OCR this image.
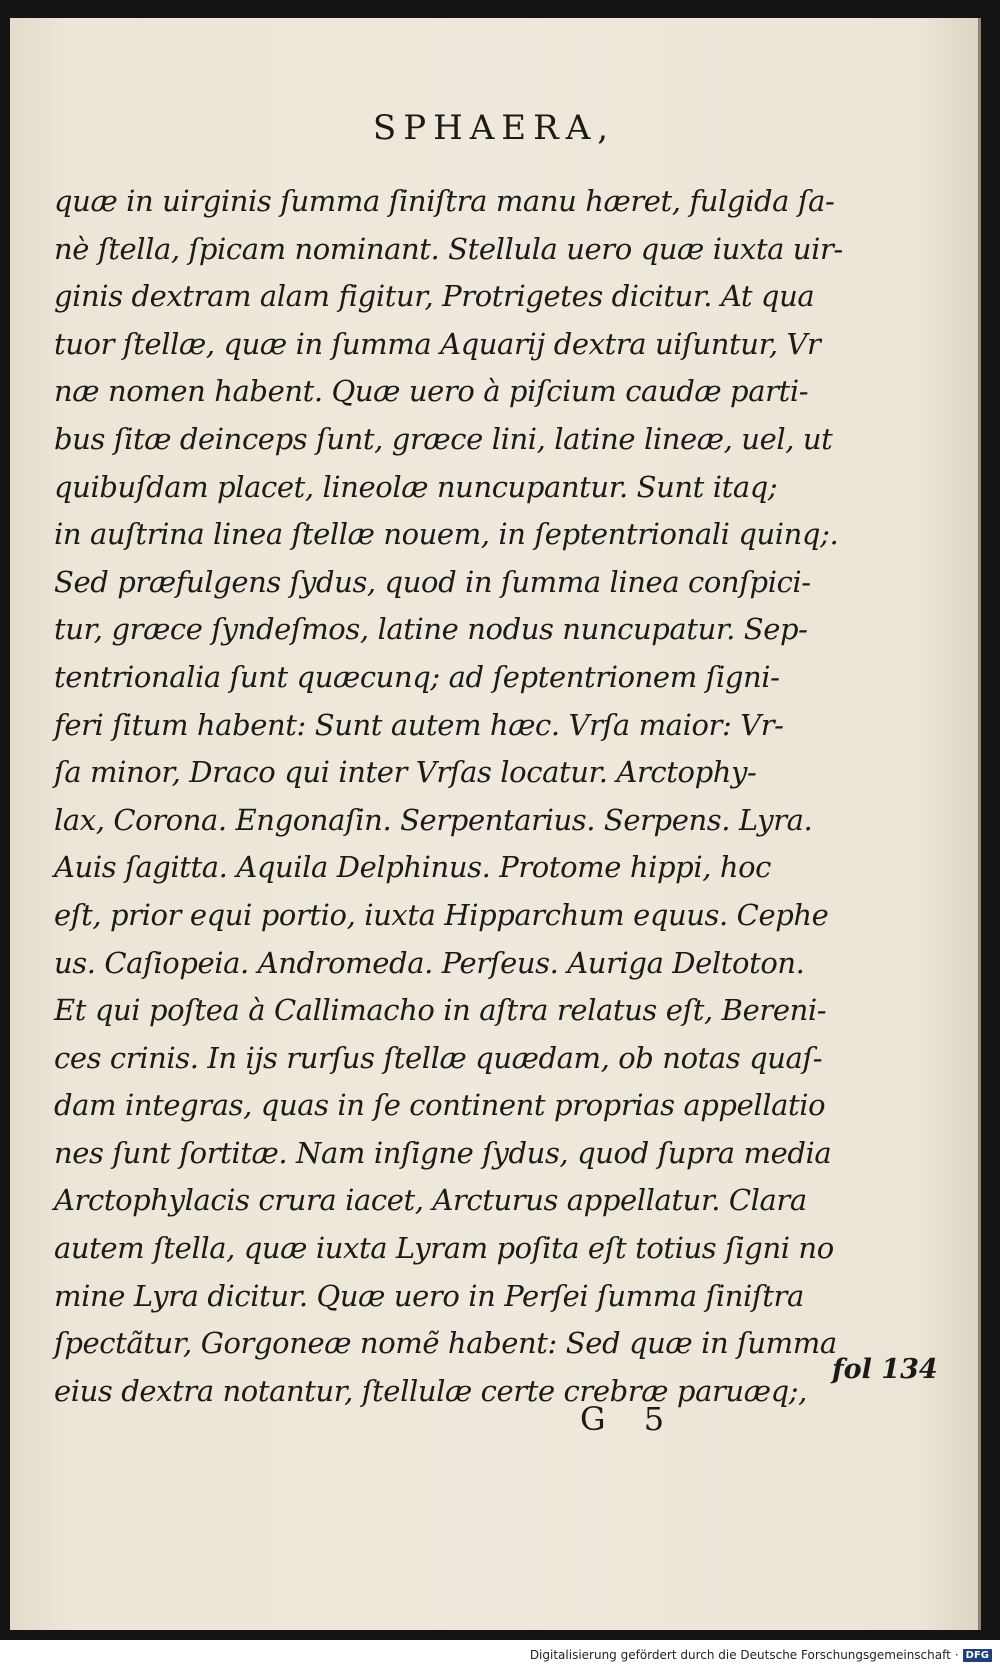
SPHAERA,
quæ in uirginis ſumma ſiniſtra manu hæret, fulgida ſa-
nè ſtella, ſpicam nominant. Stellula uero quæ iuxta uir-
ginis dextram alam figitur, Protrigetes dicitur. At qua
tuor ſtellæ, quæ in ſumma Aquarij dextra uiſuntur, Vr
næ nomen habent. Quæ uero à piſcium caudæ parti-
bus ſitæ deinceps ſunt, græce lini, latine lineæ, uel, ut
quibuſdam placet, lineolæ nuncupantur. Sunt itaq;
in auſtrina linea ſtellæ nouem, in ſeptentrionali quinq;.
Sed præfulgens ſydus, quod in ſumma linea conſpici-
tur, græce ſyndeſmos, latine nodus nuncupatur. Sep-
tentrionalia ſunt quæcunq; ad ſeptentrionem ſigni-
feri ſitum habent: Sunt autem hæc. Vrſa maior: Vr-
ſa minor, Draco qui inter Vrſas locatur. Arctophy-
lax, Corona. Engonaſin. Serpentarius. Serpens. Lyra.
Auis ſagitta. Aquila Delphinus. Protome hippi, hoc
eſt, prior equi portio, iuxta Hipparchum equus. Cephe
us. Caſiopeia. Andromeda. Perſeus. Auriga Deltoton.
Et qui poſtea à Callimacho in aſtra relatus eſt, Bereni-
ces crinis. In ijs rurſus ſtellæ quædam, ob notas quaſ-
dam integras, quas in ſe continent proprias appellatio
nes ſunt ſortitæ. Nam inſigne ſydus, quod ſupra media
Arctophylacis crura iacet, Arcturus appellatur. Clara
autem ſtella, quæ iuxta Lyram poſita eſt totius ſigni no
mine Lyra dicitur. Quæ uero in Perſei ſumma ſiniſtra
ſpectãtur, Gorgoneæ nomẽ habent: Sed quæ in ſumma
eius dextra notantur, ſtellulæ certe crebræ paruæq;,
fol 134
G 5
Digitalisierung gefördert durch die Deutsche Forschungsgemeinschaft · DFG
